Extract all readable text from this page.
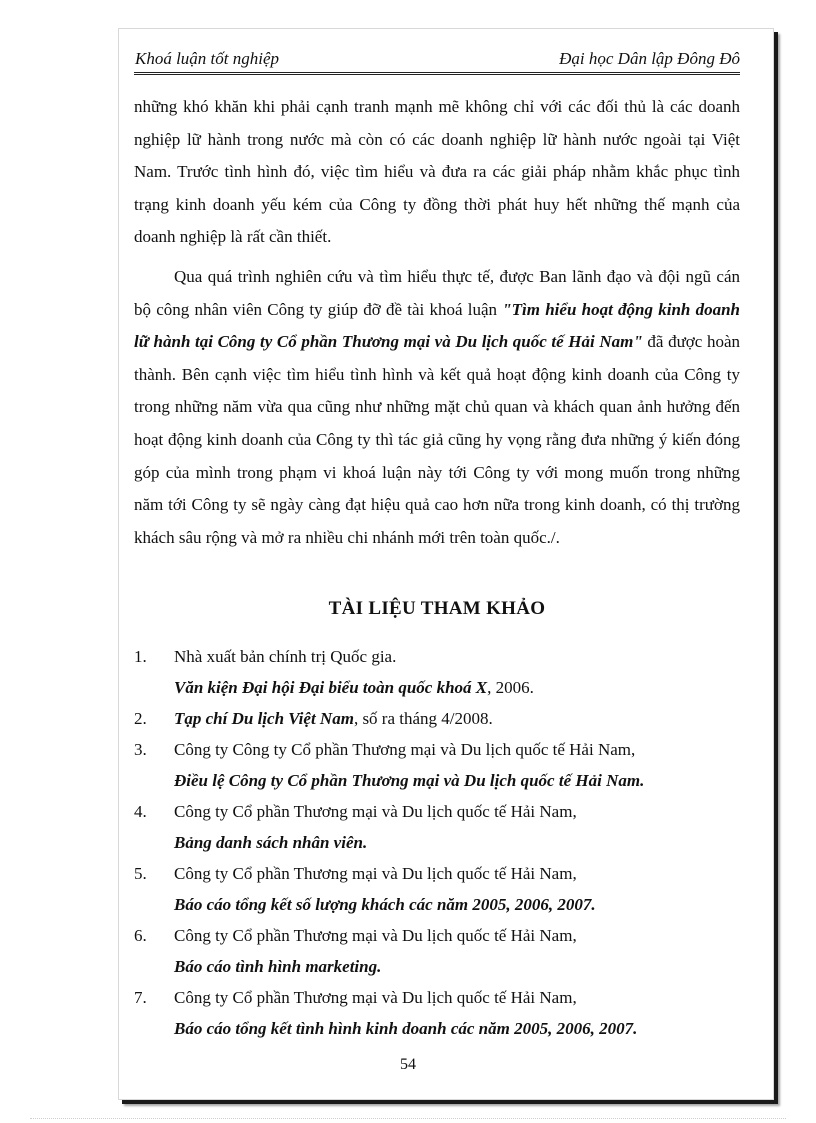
Khoá luận tốt nghiệp	Đại học Dân lập Đông Đô

những khó khăn khi phải cạnh tranh mạnh mẽ không chỉ với các đối thủ là các doanh nghiệp lữ hành trong nước mà còn có các doanh nghiệp lữ hành nước ngoài tại Việt Nam. Trước tình hình đó, việc tìm hiểu và đưa ra các giải pháp nhằm khắc phục tình trạng kinh doanh yếu kém của Công ty đồng thời phát huy hết những thế mạnh của doanh nghiệp là rất cần thiết.

Qua quá trình nghiên cứu và tìm hiểu thực tế, được Ban lãnh đạo và đội ngũ cán bộ công nhân viên Công ty giúp đỡ đề tài khoá luận "Tìm hiểu hoạt động kinh doanh lữ hành tại Công ty Cổ phần Thương mại và Du lịch quốc tế Hải Nam" đã được hoàn thành. Bên cạnh việc tìm hiểu tình hình và kết quả hoạt động kinh doanh của Công ty trong những năm vừa qua cũng như những mặt chủ quan và khách quan ảnh hưởng đến hoạt động kinh doanh của Công ty thì tác giả cũng hy vọng rằng đưa những ý kiến đóng góp của mình trong phạm vi khoá luận này tới Công ty với mong muốn trong những năm tới Công ty sẽ ngày càng đạt hiệu quả cao hơn nữa trong kinh doanh, có thị trường khách sâu rộng và mở ra nhiều chi nhánh mới trên toàn quốc./.

TÀI LIỆU THAM KHẢO
1. Nhà xuất bản chính trị Quốc gia.
Văn kiện Đại hội Đại biểu toàn quốc khoá X, 2006.
2. Tạp chí Du lịch Việt Nam, số ra tháng 4/2008.
3. Công ty Công ty Cổ phần Thương mại và Du lịch quốc tế Hải Nam,
Điều lệ Công ty Cổ phần Thương mại và Du lịch quốc tế Hải Nam.
4. Công ty Cổ phần Thương mại và Du lịch quốc tế Hải Nam,
Bảng danh sách nhân viên.
5. Công ty Cổ phần Thương mại và Du lịch quốc tế Hải Nam,
Báo cáo tổng kết số lượng khách các năm 2005, 2006, 2007.
6. Công ty Cổ phần Thương mại và Du lịch quốc tế Hải Nam,
Báo cáo tình hình marketing.
7. Công ty Cổ phần Thương mại và Du lịch quốc tế Hải Nam,
Báo cáo tổng kết tình hình kinh doanh các năm 2005, 2006, 2007.
54
